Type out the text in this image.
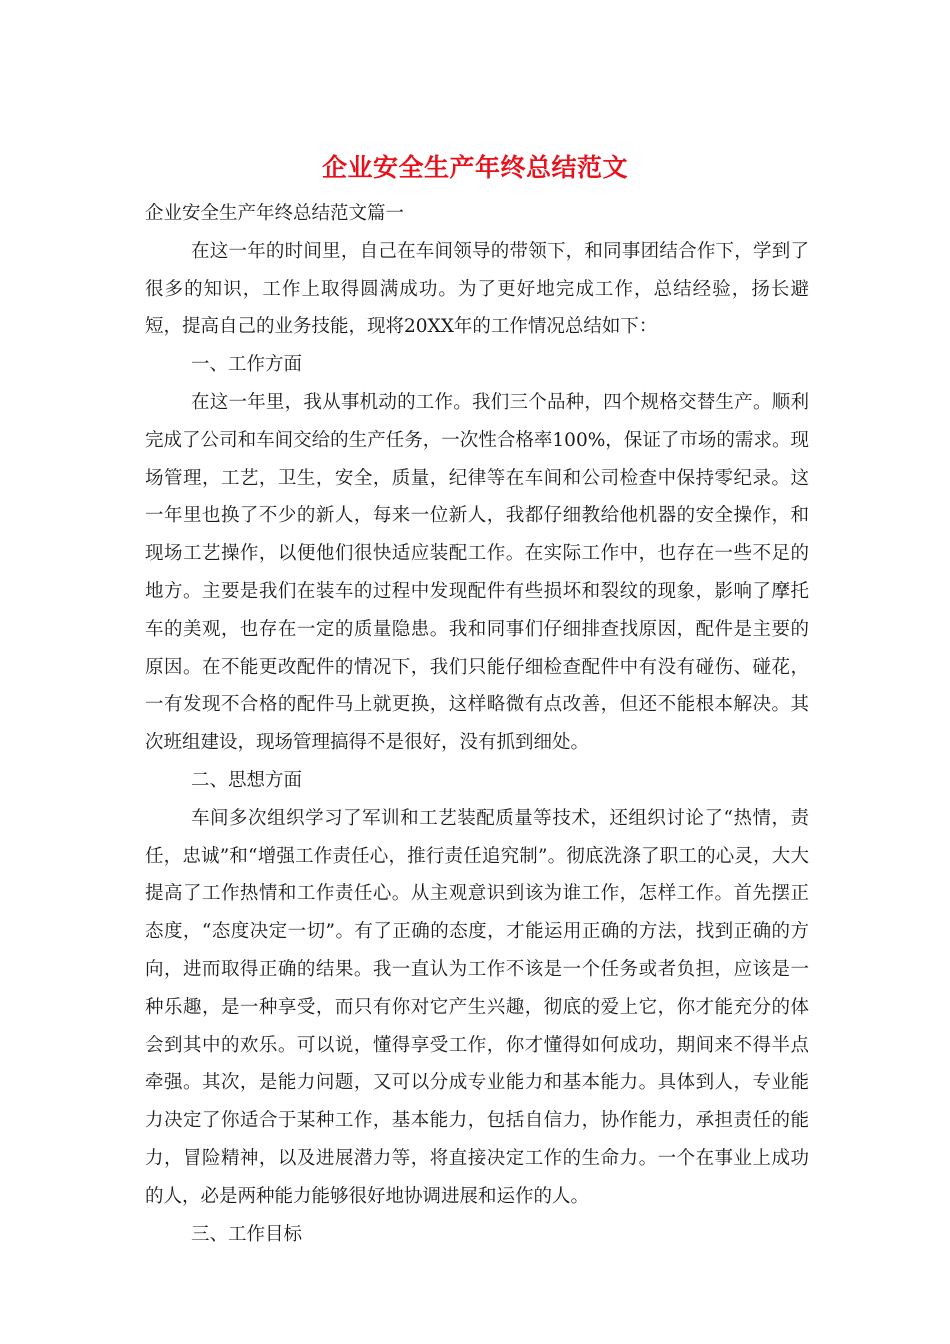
企业安全生产年终总结范文

企业安全生产年终总结范文篇一

在这一年的时间里，自己在车间领导的带领下，和同事团结合作下，学到了很多的知识，工作上取得圆满成功。为了更好地完成工作，总结经验，扬长避短，提高自己的业务技能，现将20XX年的工作情况总结如下：

一、工作方面

在这一年里，我从事机动的工作。我们三个品种，四个规格交替生产。顺利完成了公司和车间交给的生产任务，一次性合格率100%，保证了市场的需求。现场管理，工艺，卫生，安全，质量，纪律等在车间和公司检查中保持零纪录。这一年里也换了不少的新人，每来一位新人，我都仔细教给他机器的安全操作，和现场工艺操作，以便他们很快适应装配工作。在实际工作中，也存在一些不足的地方。主要是我们在装车的过程中发现配件有些损坏和裂纹的现象，影响了摩托车的美观，也存在一定的质量隐患。我和同事们仔细排查找原因，配件是主要的原因。在不能更改配件的情况下，我们只能仔细检查配件中有没有碰伤、碰花，一有发现不合格的配件马上就更换，这样略微有点改善，但还不能根本解决。其次班组建设，现场管理搞得不是很好，没有抓到细处。

二、思想方面

车间多次组织学习了军训和工艺装配质量等技术，还组织讨论了“热情，责任，忠诚”和“增强工作责任心，推行责任追究制”。彻底洗涤了职工的心灵，大大提高了工作热情和工作责任心。从主观意识到该为谁工作，怎样工作。首先摆正态度，“态度决定一切”。有了正确的态度，才能运用正确的方法，找到正确的方向，进而取得正确的结果。我一直认为工作不该是一个任务或者负担，应该是一种乐趣，是一种享受，而只有你对它产生兴趣，彻底的爱上它，你才能充分的体会到其中的欢乐。可以说，懂得享受工作，你才懂得如何成功，期间来不得半点牵强。其次，是能力问题，又可以分成专业能力和基本能力。具体到人，专业能力决定了你适合于某种工作，基本能力，包括自信力，协作能力，承担责任的能力，冒险精神，以及进展潜力等，将直接决定工作的生命力。一个在事业上成功的人，必是两种能力能够很好地协调进展和运作的人。

三、工作目标
